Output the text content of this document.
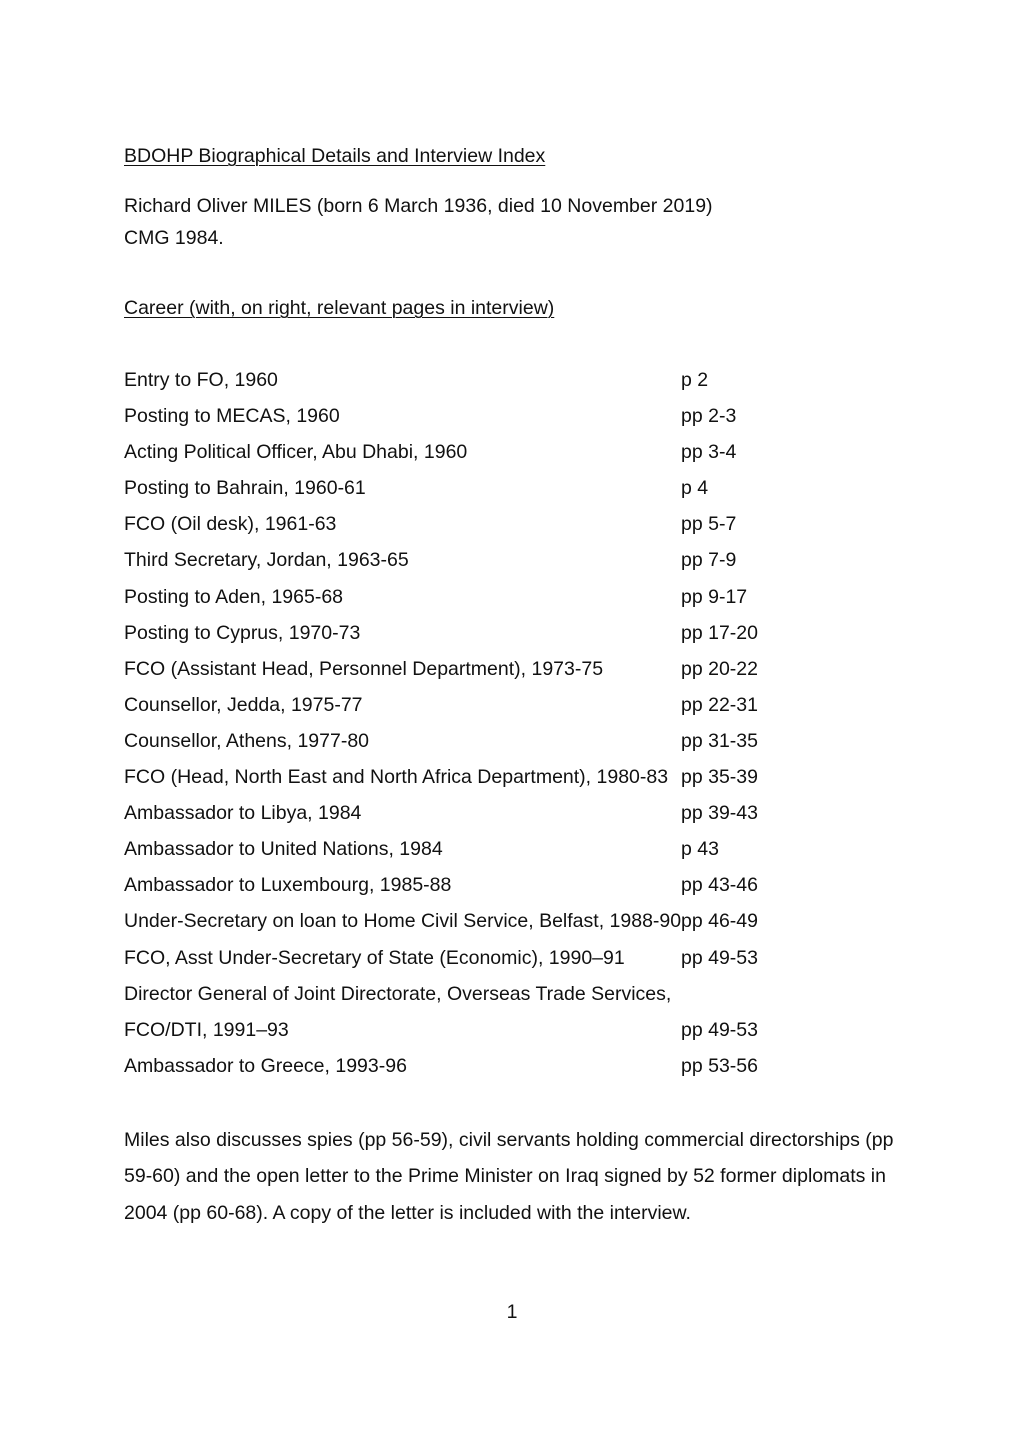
BDOHP Biographical Details and Interview Index
Richard Oliver MILES (born 6 March 1936, died 10 November 2019)
CMG 1984.
Career (with, on right, relevant pages in interview)
Entry to FO, 1960	p 2
Posting to MECAS, 1960	pp 2-3
Acting Political Officer, Abu Dhabi, 1960	pp 3-4
Posting to Bahrain, 1960-61	p 4
FCO (Oil desk), 1961-63	pp 5-7
Third Secretary, Jordan, 1963-65	pp 7-9
Posting to Aden, 1965-68	pp 9-17
Posting to Cyprus, 1970-73	pp 17-20
FCO (Assistant Head, Personnel Department), 1973-75	pp 20-22
Counsellor, Jedda, 1975-77	pp 22-31
Counsellor, Athens, 1977-80	pp 31-35
FCO (Head, North East and North Africa Department), 1980-83 pp 35-39
Ambassador to Libya, 1984	pp 39-43
Ambassador to United Nations, 1984	p 43
Ambassador to Luxembourg, 1985-88	pp 43-46
Under-Secretary on loan to Home Civil Service, Belfast, 1988-90 pp 46-49
FCO, Asst Under-Secretary of State (Economic), 1990–91	pp 49-53
Director General of Joint Directorate, Overseas Trade Services,
FCO/DTI, 1991–93	pp 49-53
Ambassador to Greece, 1993-96	pp 53-56
Miles also discusses spies (pp 56-59), civil servants holding commercial directorships (pp 59-60) and the open letter to the Prime Minister on Iraq signed by 52 former diplomats in 2004 (pp 60-68). A copy of the letter is included with the interview.
1
